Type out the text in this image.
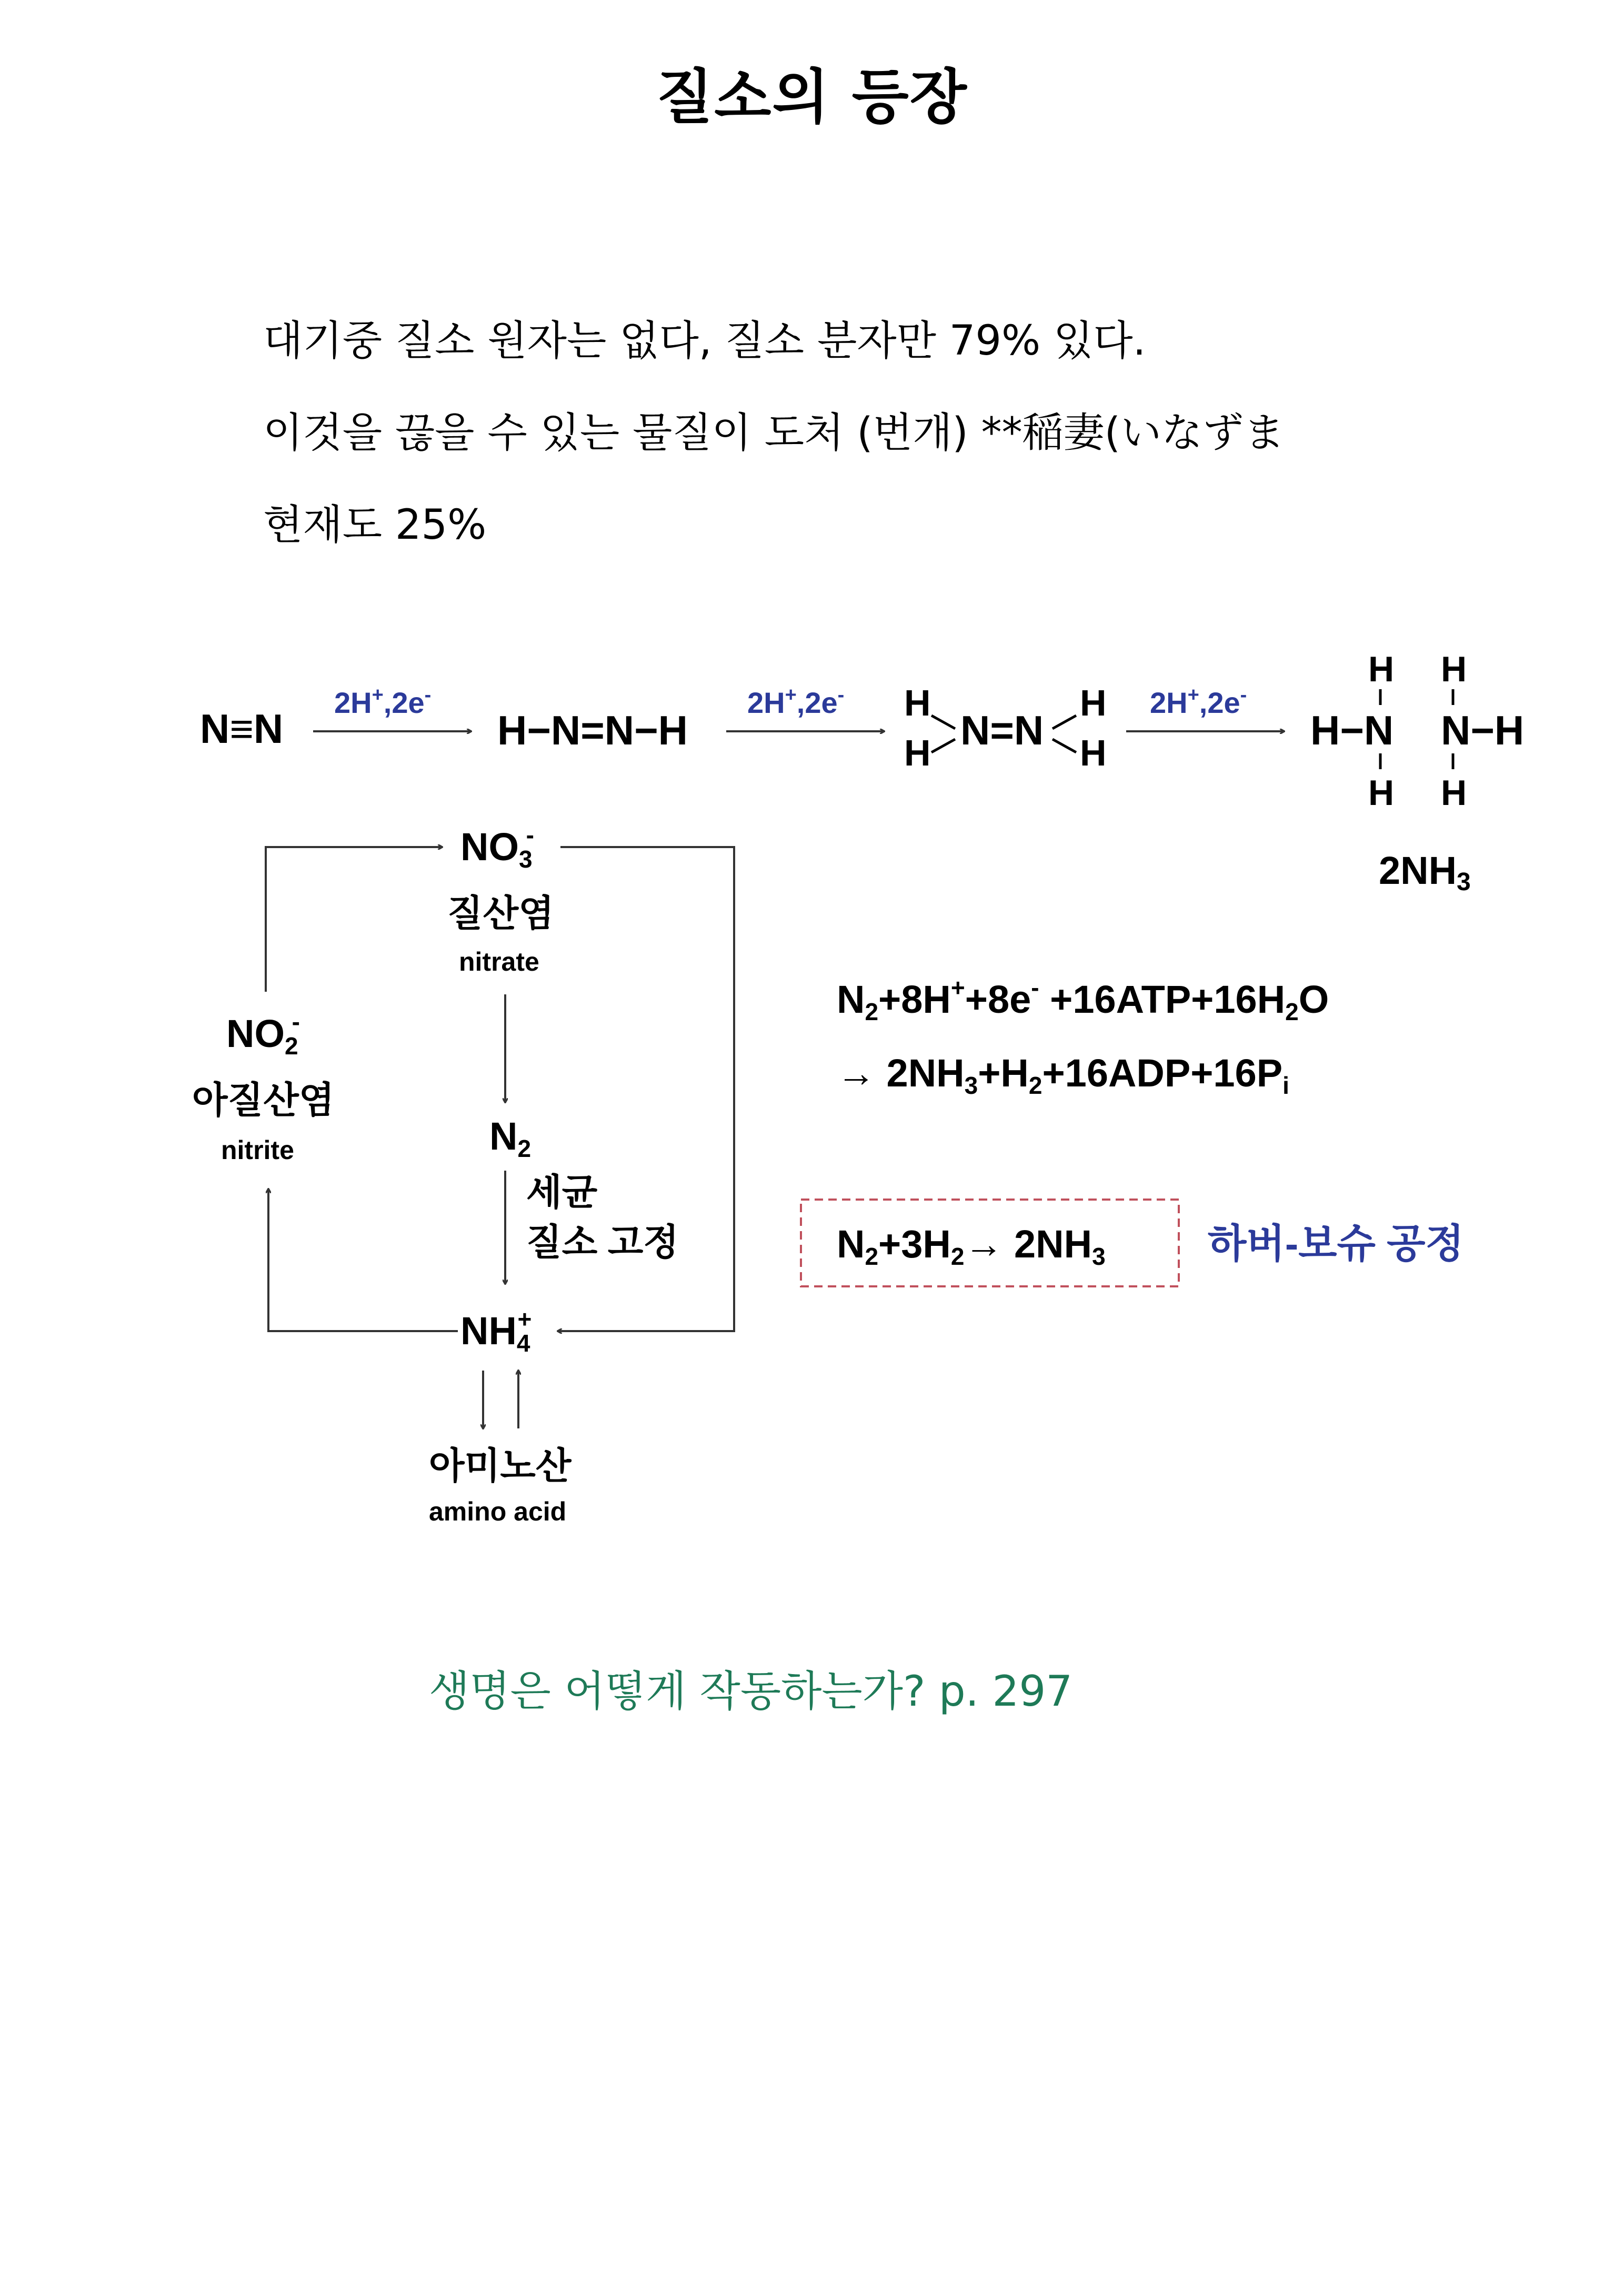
질소의 등장
대기중 질소 원자는 없다, 질소 분자만 79% 있다.
이것을 끊을 수 있는 물질이 도처 (번개) **稲妻(いなずま
현재도 25%
N≡N
2H+,2e-
H−N=N−H
2H+,2e- H
H N=N
H
H
2H+,2e-
H H
H−N N−H
H H
2NH3
NO3-
질산염
nitrate
NO2-
아질산염
nitrite	N2
세균
질소 고정
NH4+
아미노산
amino acid
N2+8H++8e- +16ATP+16H2O
→ 2NH3+H2+16ADP+16Pi
N2+3H2→ 2NH3	하버-보슈 공정
생명은 어떻게 작동하는가? p. 297
